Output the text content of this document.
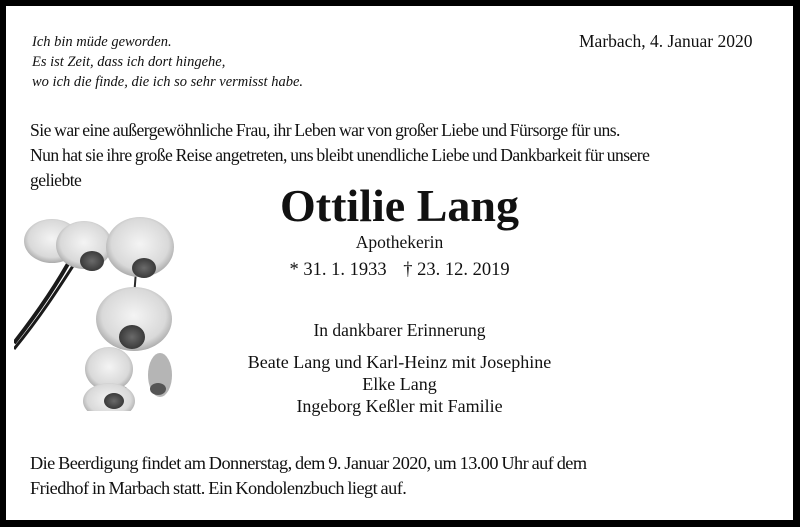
Ich bin müde geworden.
Es ist Zeit, dass ich dort hingehe,
wo ich die finde, die ich so sehr vermisst habe.
Marbach, 4. Januar 2020
Sie war eine außergewöhnliche Frau, ihr Leben war von großer Liebe und Fürsorge für uns.
Nun hat sie ihre große Reise angetreten, uns bleibt unendliche Liebe und Dankbarkeit für unsere
geliebte	Ottilie Lang
Apothekerin
* 31. 1. 1933 † 23. 12. 2019
In dankbarer Erinnerung
Beate Lang und Karl-Heinz mit Josephine
Elke Lang
Ingeborg Keßler mit Familie
Die Beerdigung findet am Donnerstag, dem 9. Januar 2020, um 13.00 Uhr auf dem
Friedhof in Marbach statt. Ein Kondolenzbuch liegt auf.
